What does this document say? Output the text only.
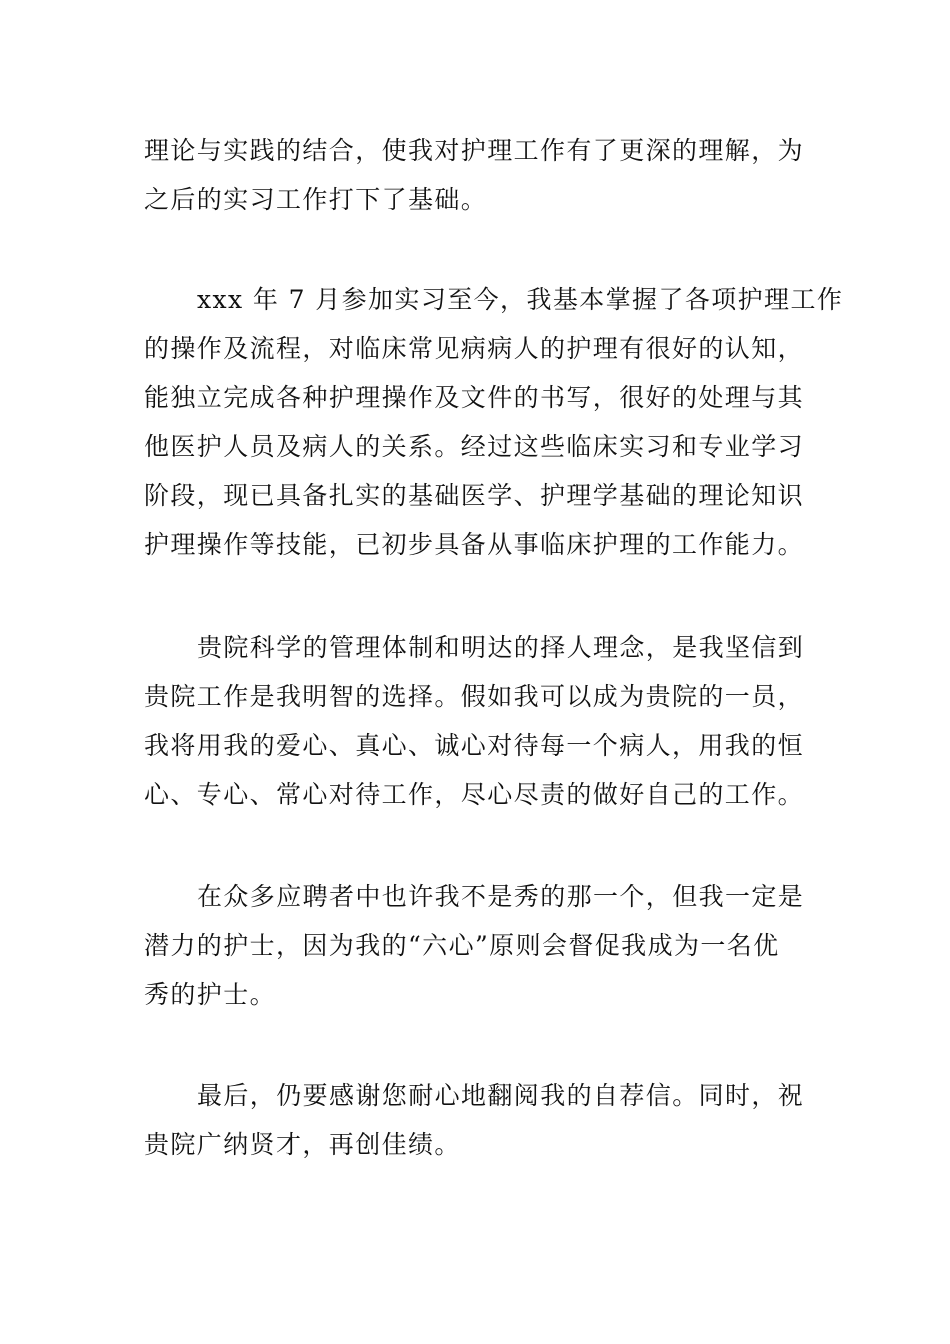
理论与实践的结合，使我对护理工作有了更深的理解，为
之后的实习工作打下了基础。

xxx 年 7 月参加实习至今，我基本掌握了各项护理工作
的操作及流程，对临床常见病病人的护理有很好的认知，
能独立完成各种护理操作及文件的书写，很好的处理与其
他医护人员及病人的关系。经过这些临床实习和专业学习
阶段，现已具备扎实的基础医学、护理学基础的理论知识
护理操作等技能，已初步具备从事临床护理的工作能力。

贵院科学的管理体制和明达的择人理念，是我坚信到
贵院工作是我明智的选择。假如我可以成为贵院的一员，
我将用我的爱心、真心、诚心对待每一个病人，用我的恒
心、专心、常心对待工作，尽心尽责的做好自己的工作。

在众多应聘者中也许我不是秀的那一个，但我一定是
潜力的护士，因为我的“六心”原则会督促我成为一名优
秀的护士。

最后，仍要感谢您耐心地翻阅我的自荐信。同时，祝
贵院广纳贤才，再创佳绩。
